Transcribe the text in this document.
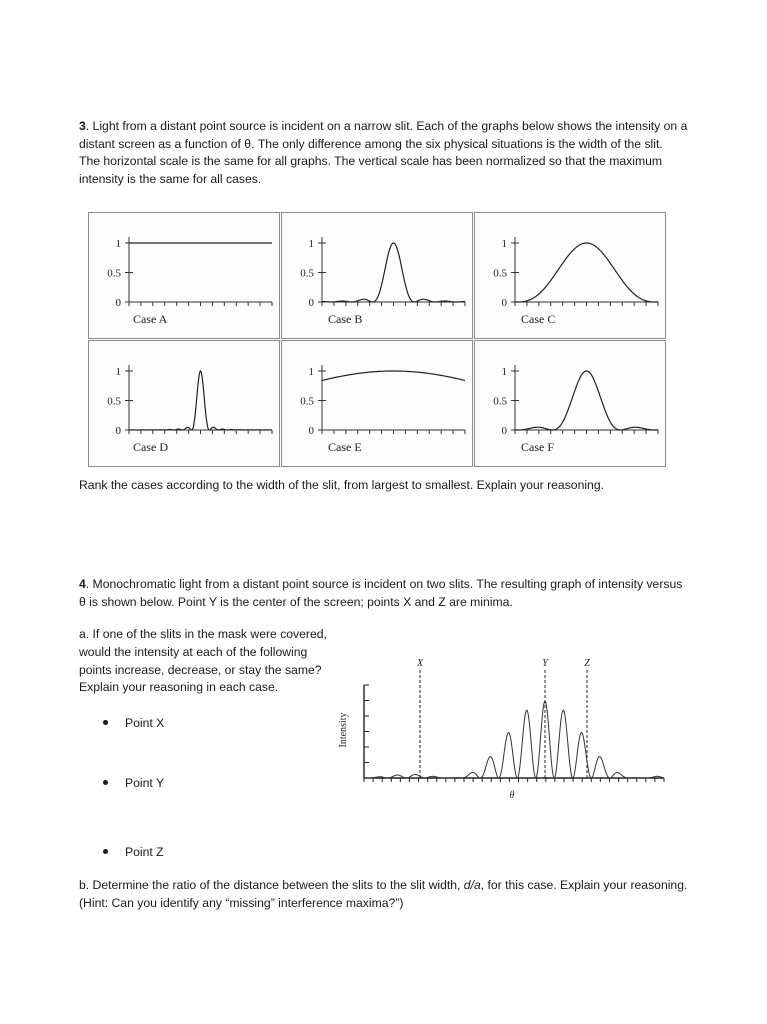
3. Light from a distant point source is incident on a narrow slit. Each of the graphs below shows the intensity on a distant screen as a function of θ. The only difference among the six physical situations is the width of the slit.
The horizontal scale is the same for all graphs. The vertical scale has been normalized so that the maximum intensity is the same for all cases.
0
0.5
1
Case A
0
0.5
1
Case B
0
0.5
1
Case C
0
0.5
1
Case D
0
0.5
1
Case E
0
0.5
1
Case F
Rank the cases according to the width of the slit, from largest to smallest. Explain your reasoning.
4. Monochromatic light from a distant point source is incident on two slits. The resulting graph of intensity versus θ is shown below. Point Y is the center of the screen; points X and Z are minima.
a. If one of the slits in the mask were covered, would the intensity at each of the following points increase, decrease, or stay the same? Explain your reasoning in each case.
Point X
Point Y
Point Z
X	Y	Z
Intensity
θ
b. Determine the ratio of the distance between the slits to the slit width, d/a, for this case. Explain your reasoning. (Hint: Can you identify any “missing” interference maxima?”)
